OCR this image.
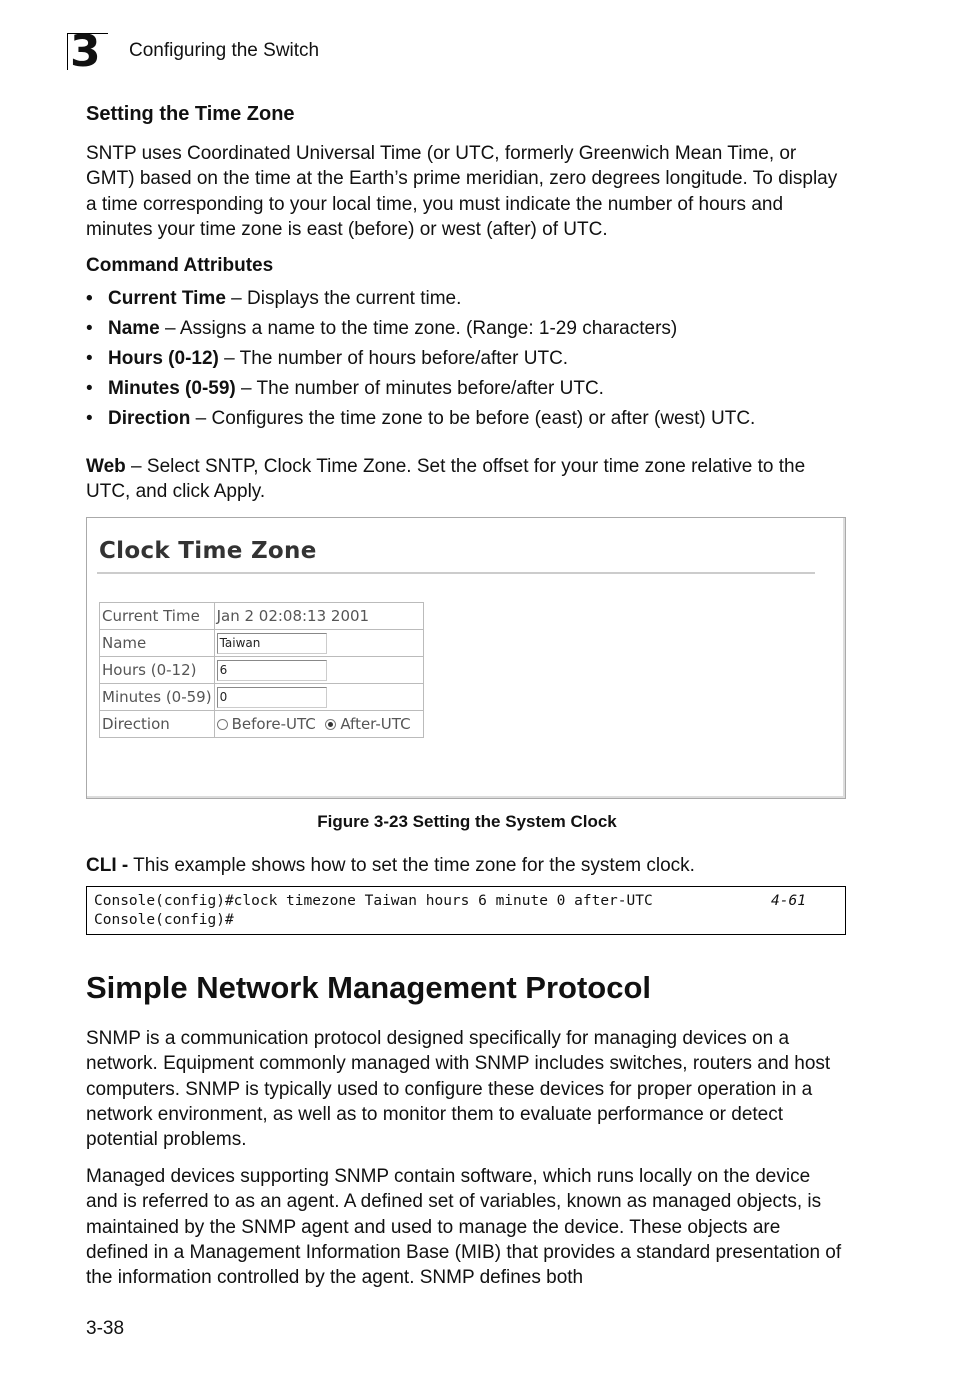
3 Configuring the Switch
Setting the Time Zone
SNTP uses Coordinated Universal Time (or UTC, formerly Greenwich Mean Time, or GMT) based on the time at the Earth’s prime meridian, zero degrees longitude. To display a time corresponding to your local time, you must indicate the number of hours and minutes your time zone is east (before) or west (after) of UTC.
Command Attributes
• Current Time – Displays the current time.
• Name – Assigns a name to the time zone. (Range: 1-29 characters)
• Hours (0-12) – The number of hours before/after UTC.
• Minutes (0-59) – The number of minutes before/after UTC.
• Direction – Configures the time zone to be before (east) or after (west) UTC.
Web – Select SNTP, Clock Time Zone. Set the offset for your time zone relative to the UTC, and click Apply.
Clock Time Zone
Current Time	Jan 2 02:08:13 2001
Name	Taiwan
Hours (0-12)	6
Minutes (0-59)	0
Direction	Before-UTC After-UTC
Figure 3-23 Setting the System Clock
CLI - This example shows how to set the time zone for the system clock.
Console(config)#clock timezone Taiwan hours 6 minute 0 after-UTC	4-61
Console(config)#
Simple Network Management Protocol
SNMP is a communication protocol designed specifically for managing devices on a network. Equipment commonly managed with SNMP includes switches, routers and host computers. SNMP is typically used to configure these devices for proper operation in a network environment, as well as to monitor them to evaluate performance or detect potential problems.
Managed devices supporting SNMP contain software, which runs locally on the device and is referred to as an agent. A defined set of variables, known as managed objects, is maintained by the SNMP agent and used to manage the device. These objects are defined in a Management Information Base (MIB) that provides a standard presentation of the information controlled by the agent. SNMP defines both
3-38
